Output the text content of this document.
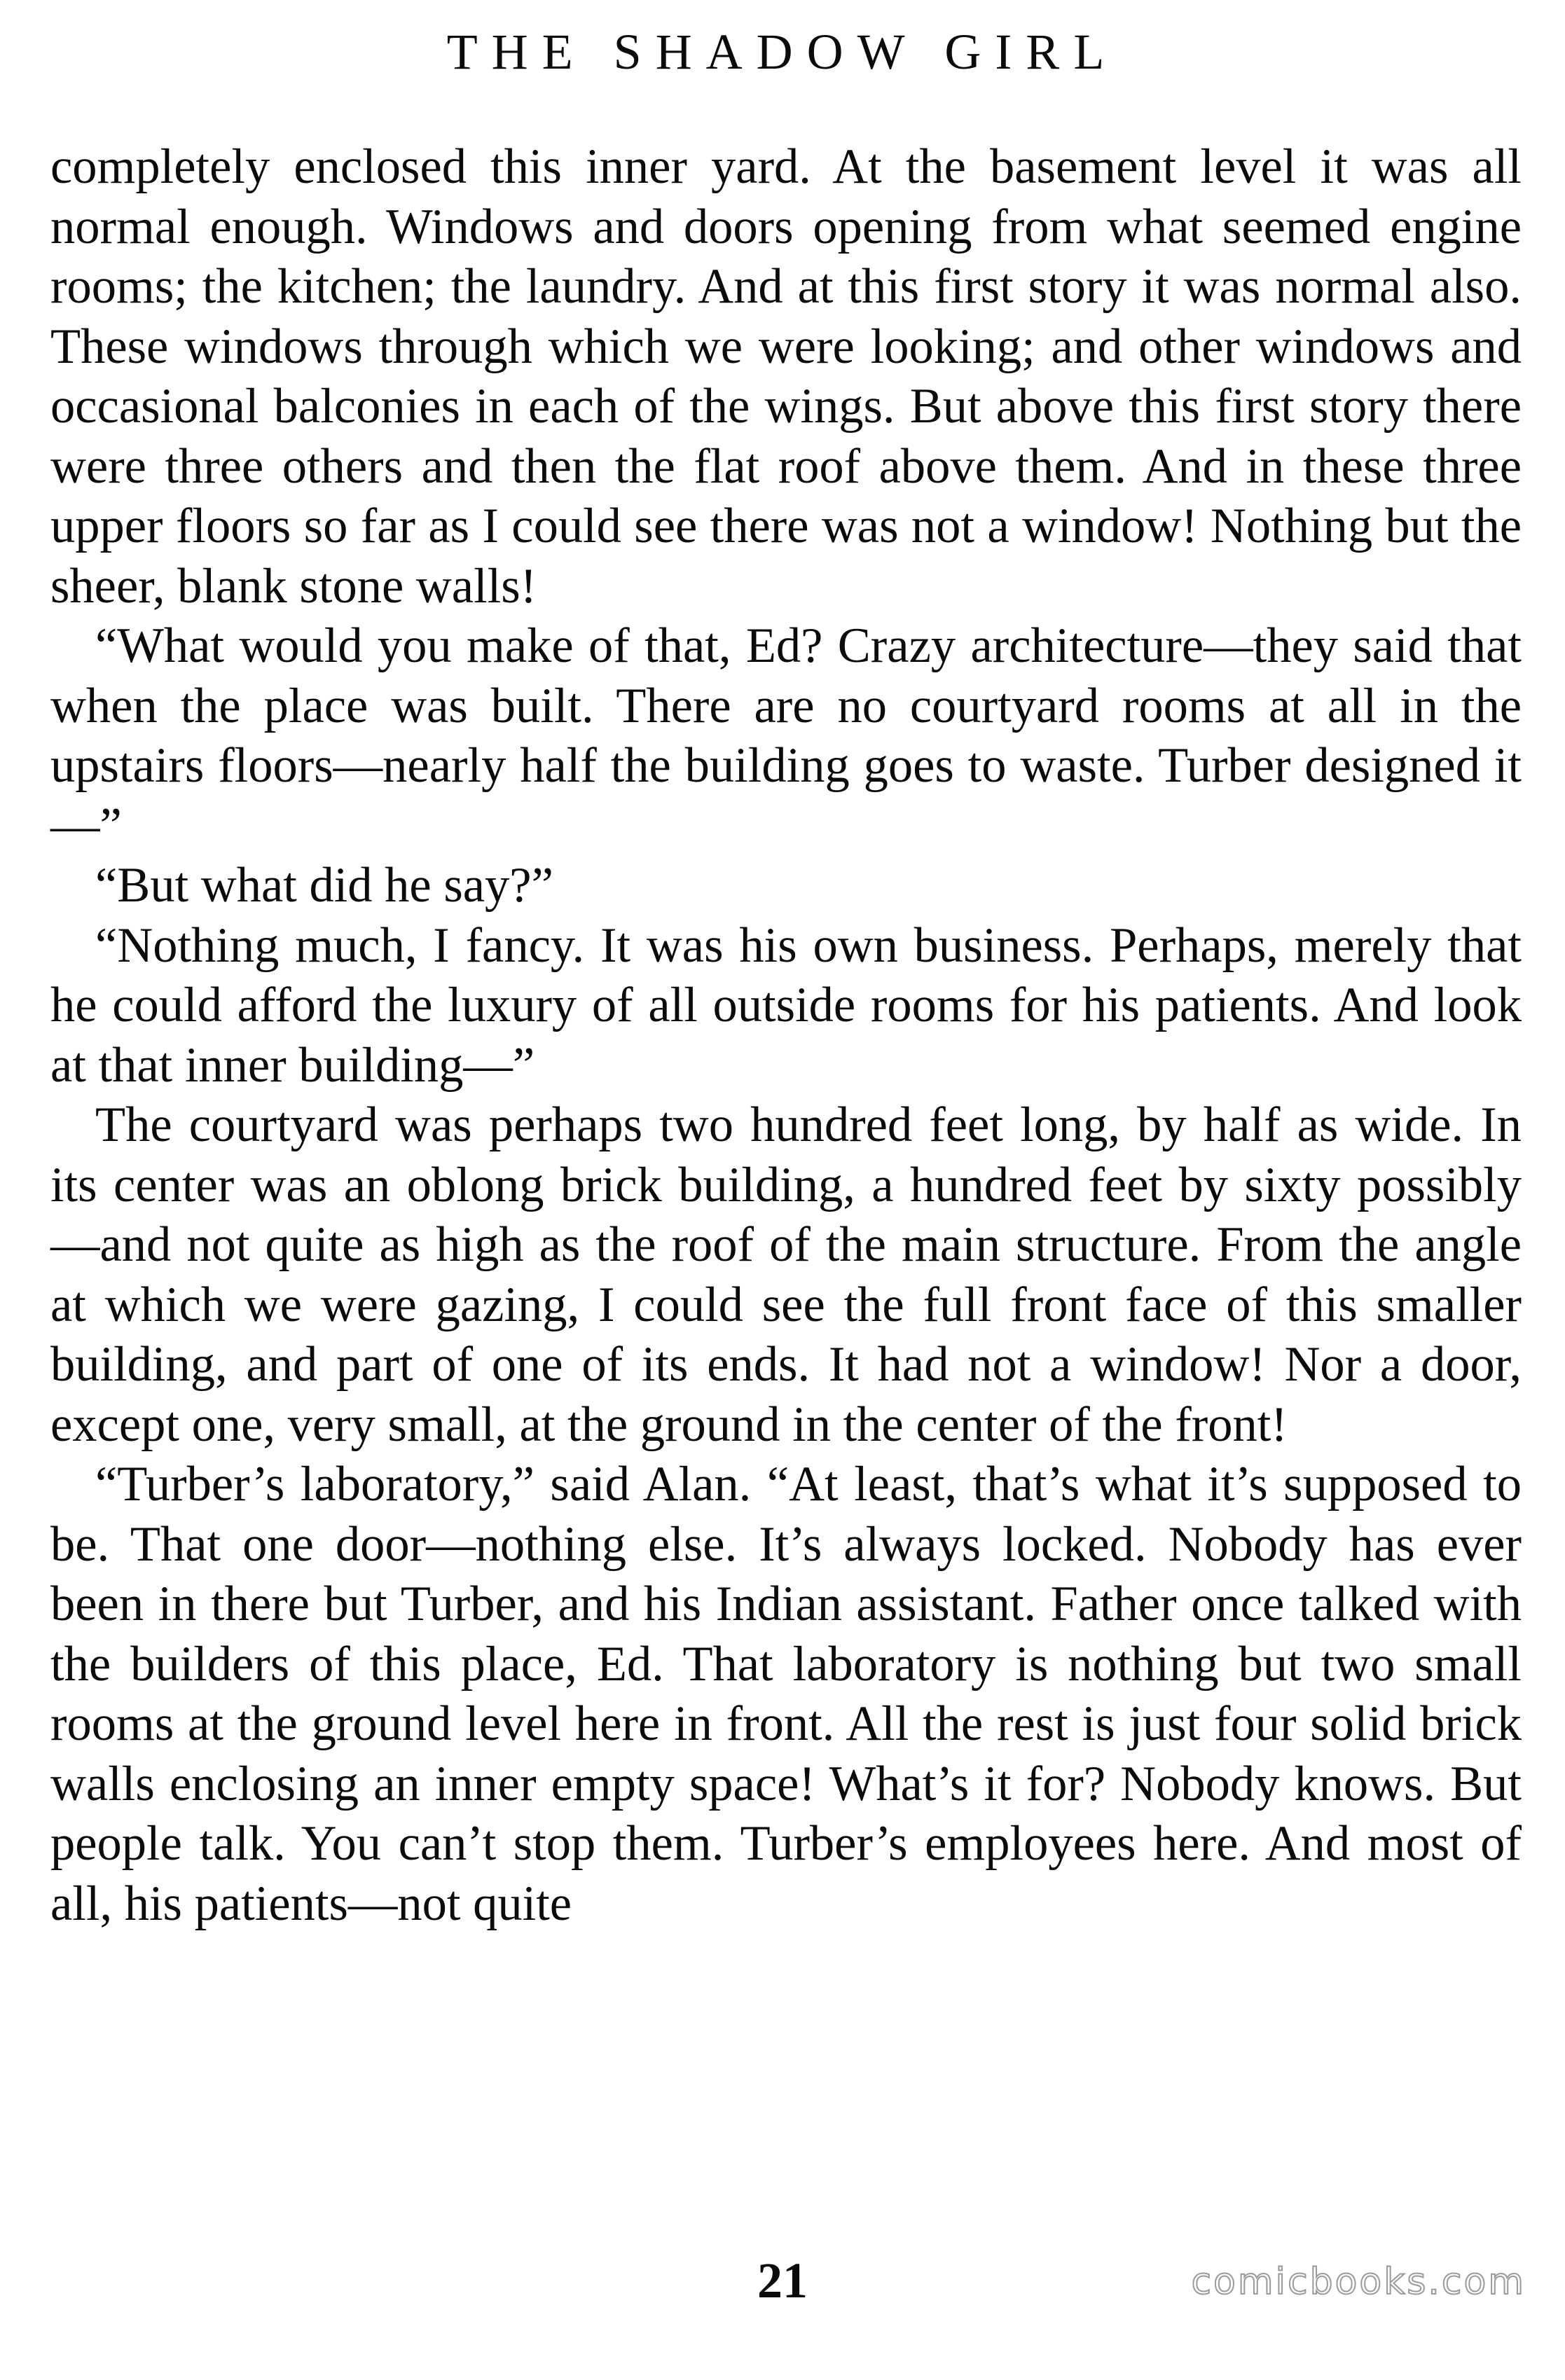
THE SHADOW GIRL

completely enclosed this inner yard. At the basement level it was all normal enough. Windows and doors opening from what seemed engine rooms; the kitchen; the laundry. And at this first story it was normal also. These windows through which we were looking; and other windows and occasional balconies in each of the wings. But above this first story there were three others and then the flat roof above them. And in these three upper floors so far as I could see there was not a window! Nothing but the sheer, blank stone walls!

“What would you make of that, Ed? Crazy architecture—they said that when the place was built. There are no courtyard rooms at all in the upstairs floors—nearly half the building goes to waste. Turber designed it—”

“But what did he say?”

“Nothing much, I fancy. It was his own business. Perhaps, merely that he could afford the luxury of all outside rooms for his patients. And look at that inner building—”

The courtyard was perhaps two hundred feet long, by half as wide. In its center was an oblong brick building, a hundred feet by sixty possibly—and not quite as high as the roof of the main structure. From the angle at which we were gazing, I could see the full front face of this smaller building, and part of one of its ends. It had not a window! Nor a door, except one, very small, at the ground in the center of the front!

“Turber’s laboratory,” said Alan. “At least, that’s what it’s supposed to be. That one door—nothing else. It’s always locked. Nobody has ever been in there but Turber, and his Indian assistant. Father once talked with the builders of this place, Ed. That laboratory is nothing but two small rooms at the ground level here in front. All the rest is just four solid brick walls enclosing an inner empty space! What’s it for? Nobody knows. But people talk. You can’t stop them. Turber’s employees here. And most of all, his patients—not quite

21	comicbooks.com
